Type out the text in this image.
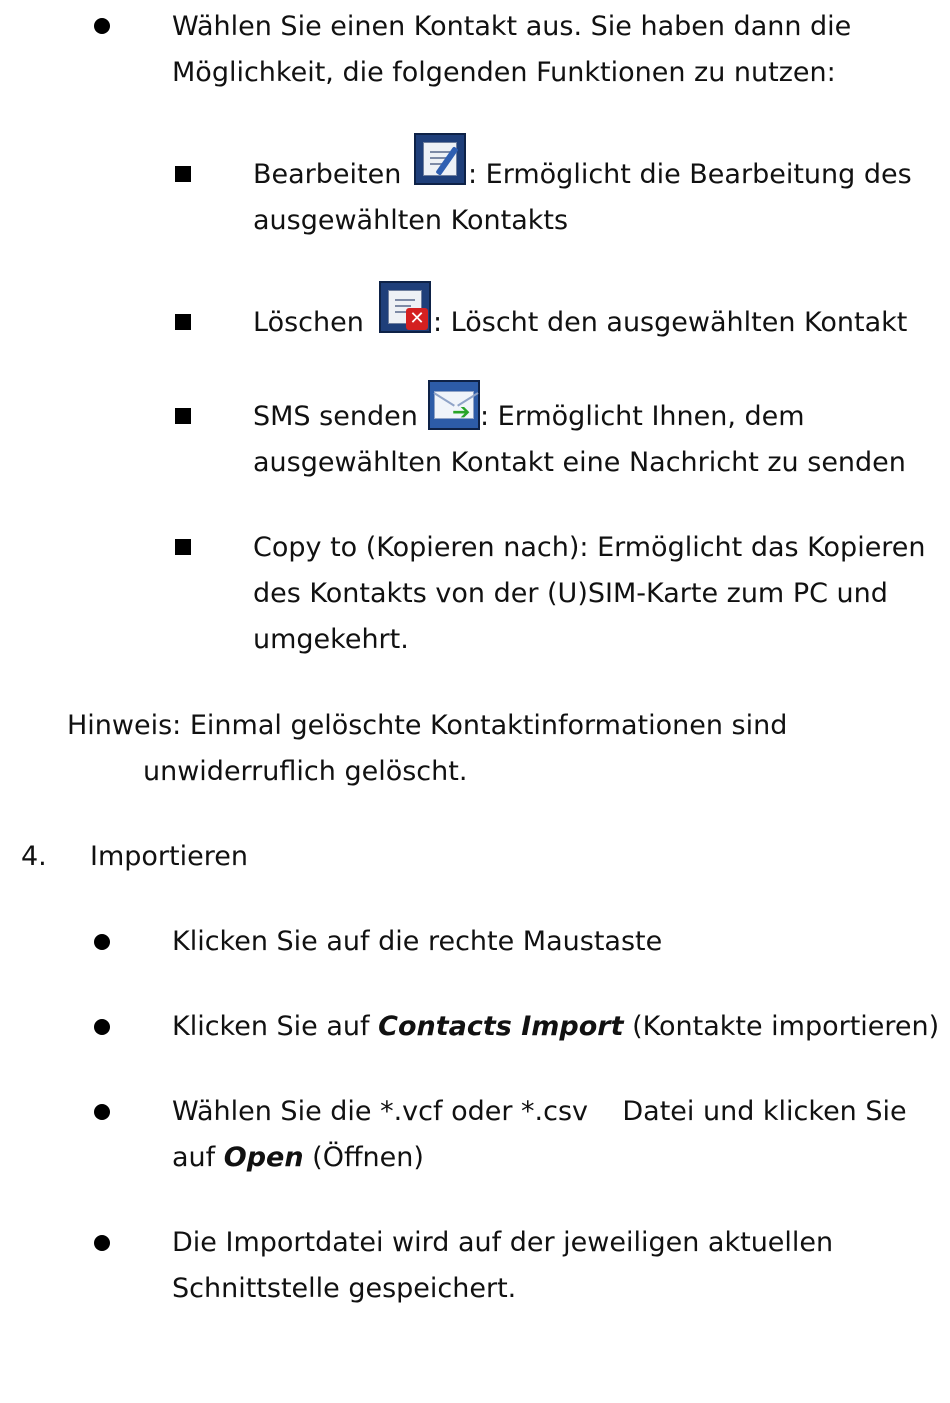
Wählen Sie einen Kontakt aus. Sie haben dann die
Möglichkeit, die folgenden Funktionen zu nutzen:
Bearbeiten : Ermöglicht die Bearbeitung des
ausgewählten Kontakts
Löschen	✕ : Löscht den ausgewählten Kontakt
SMS senden ➔ : Ermöglicht Ihnen, dem
ausgewählten Kontakt eine Nachricht zu senden
Copy to (Kopieren nach): Ermöglicht das Kopieren
des Kontakts von der (U)SIM-Karte zum PC und
umgekehrt.
Hinweis: Einmal gelöschte Kontaktinformationen sind
unwiderruflich gelöscht.
4. Importieren
Klicken Sie auf die rechte Maustaste
Klicken Sie auf Contacts Import (Kontakte importieren)
Wählen Sie die *.vcf oder *.csv    Datei und klicken Sie
auf Open (Öffnen)
Die Importdatei wird auf der jeweiligen aktuellen
Schnittstelle gespeichert.
